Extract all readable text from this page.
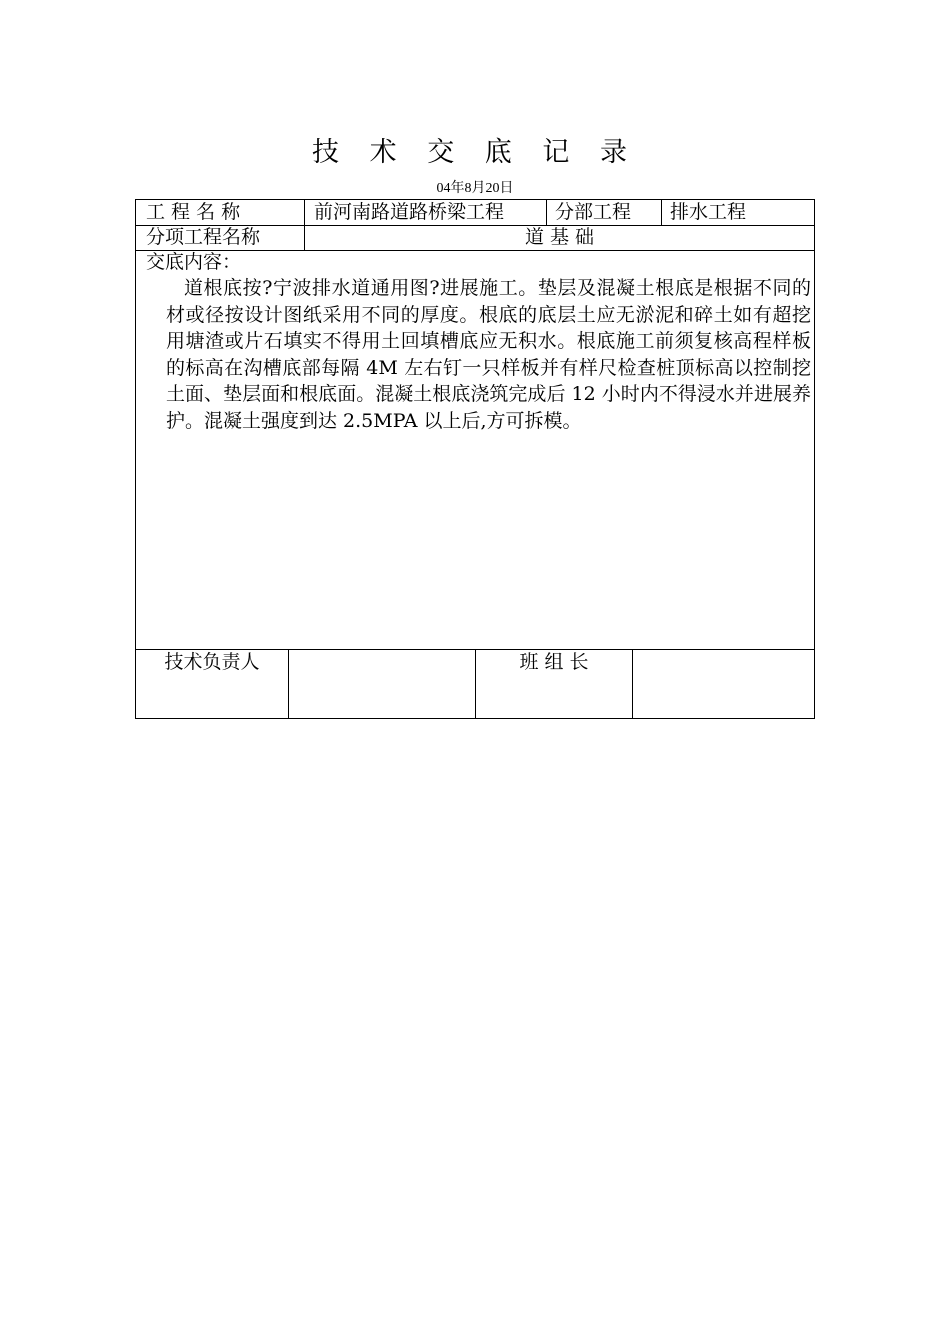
技 术 交 底 记 录
04年8月20日
工 程 名 称	前河南路道路桥梁工程	分部工程 排水工程
分项工程名称	道 基 础
交底内容：
道根底按?宁波排水道通用图?进展施工。垫层及混凝土根底是根据不同的材或径按设计图纸采用不同的厚度。根底的底层土应无淤泥和碎土如有超挖用塘渣或片石填实不得用土回填槽底应无积水。根底施工前须复核高程样板的标高在沟槽底部每隔 4M 左右钉一只样板并有样尺检查桩顶标高以控制挖土面、垫层面和根底面。混凝土根底浇筑完成后 12 小时内不得浸水并进展养护。混凝土强度到达 2.5MPA 以上后,方可拆模。
技术负责人	班 组 长
